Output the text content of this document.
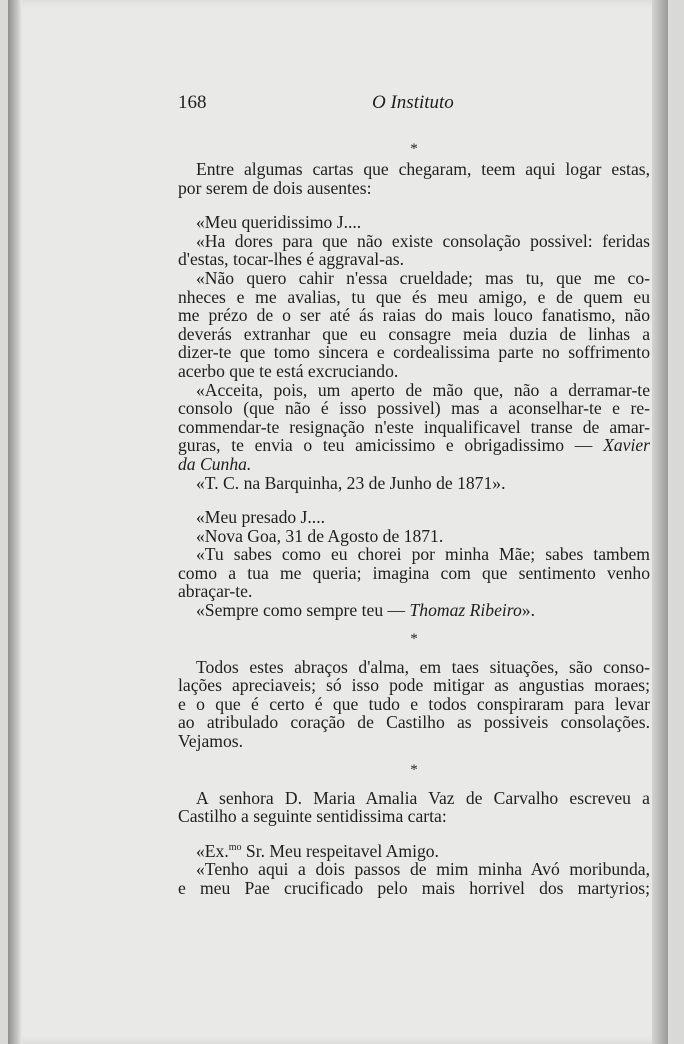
168	O Instituto
*

Entre algumas cartas que chegaram, teem aqui logar estas,

por serem de dois ausentes:

«Meu queridissimo J....

«Ha dores para que não existe consolação possivel: feridas

d'estas, tocar-lhes é aggraval-as.

«Não quero cahir n'essa crueldade; mas tu, que me co-

nheces e me avalias, tu que és meu amigo, e de quem eu

me prézo de o ser até ás raias do mais louco fanatismo, não

deverás extranhar que eu consagre meia duzia de linhas a

dizer-te que tomo sincera e cordealissima parte no soffrimento

acerbo que te está excruciando.

«Acceita, pois, um aperto de mão que, não a derramar-te

consolo (que não é isso possivel) mas a aconselhar-te e re-

commendar-te resignação n'este inqualificavel transe de amar-

guras, te envia o teu amicissimo e obrigadissimo — Xavier

da Cunha.

«T. C. na Barquinha, 23 de Junho de 1871».

«Meu presado J....

«Nova Goa, 31 de Agosto de 1871.

«Tu sabes como eu chorei por minha Mãe; sabes tambem

como a tua me queria; imagina com que sentimento venho

abraçar-te.

«Sempre como sempre teu — Thomaz Ribeiro».

*

Todos estes abraços d'alma, em taes situações, são conso-

lações apreciaveis; só isso pode mitigar as angustias moraes;

e o que é certo é que tudo e todos conspiraram para levar

ao atribulado coração de Castilho as possiveis consolações.

Vejamos.

*

A senhora D. Maria Amalia Vaz de Carvalho escreveu a

Castilho a seguinte sentidissima carta:

«Ex.$^{mo}$ Sr. Meu respeitavel Amigo.

«Tenho aqui a dois passos de mim minha Avó moribunda,

e meu Pae crucificado pelo mais horrivel dos martyrios;
